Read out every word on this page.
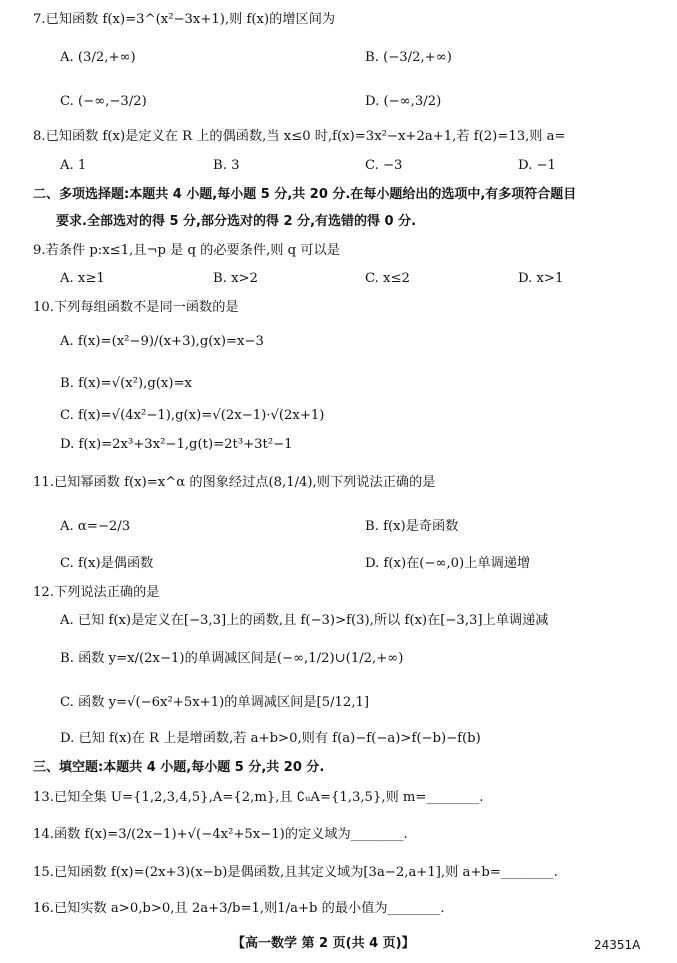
7.已知函数 f(x)=3^(x²−3x+1),则 f(x)的增区间为
A. (3/2,+∞)	B. (−3/2,+∞)
C. (−∞,−3/2)	D. (−∞,3/2)
8.已知函数 f(x)是定义在 R 上的偶函数,当 x≤0 时,f(x)=3x²−x+2a+1,若 f(2)=13,则 a=
A. 1	B. 3	C. −3	D. −1
二、多项选择题:本题共 4 小题,每小题 5 分,共 20 分.在每小题给出的选项中,有多项符合题目
要求.全部选对的得 5 分,部分选对的得 2 分,有选错的得 0 分.
9.若条件 p:x≤1,且¬p 是 q 的必要条件,则 q 可以是
A. x≥1	B. x>2	C. x≤2	D. x>1
10.下列每组函数不是同一函数的是
A. f(x)=(x²−9)/(x+3),g(x)=x−3
B. f(x)=√(x²),g(x)=x
C. f(x)=√(4x²−1),g(x)=√(2x−1)·√(2x+1)
D. f(x)=2x³+3x²−1,g(t)=2t³+3t²−1
11.已知幂函数 f(x)=x^α 的图象经过点(8,1/4),则下列说法正确的是
A. α=−2/3	B. f(x)是奇函数
C. f(x)是偶函数	D. f(x)在(−∞,0)上单调递增
12.下列说法正确的是
A. 已知 f(x)是定义在[−3,3]上的函数,且 f(−3)>f(3),所以 f(x)在[−3,3]上单调递减
B. 函数 y=x/(2x−1)的单调减区间是(−∞,1/2)∪(1/2,+∞)
C. 函数 y=√(−6x²+5x+1)的单调减区间是[5/12,1]
D. 已知 f(x)在 R 上是增函数,若 a+b>0,则有 f(a)−f(−a)>f(−b)−f(b)
三、填空题:本题共 4 小题,每小题 5 分,共 20 分.
13.已知全集 U={1,2,3,4,5},A={2,m},且 ∁ᵤA={1,3,5},则 m=________.
14.函数 f(x)=3/(2x−1)+√(−4x²+5x−1)的定义域为________.
15.已知函数 f(x)=(2x+3)(x−b)是偶函数,且其定义域为[3a−2,a+1],则 a+b=________.
16.已知实数 a>0,b>0,且 2a+3/b=1,则1/a+b 的最小值为________.
【高一数学 第 2 页(共 4 页)】	24351A
